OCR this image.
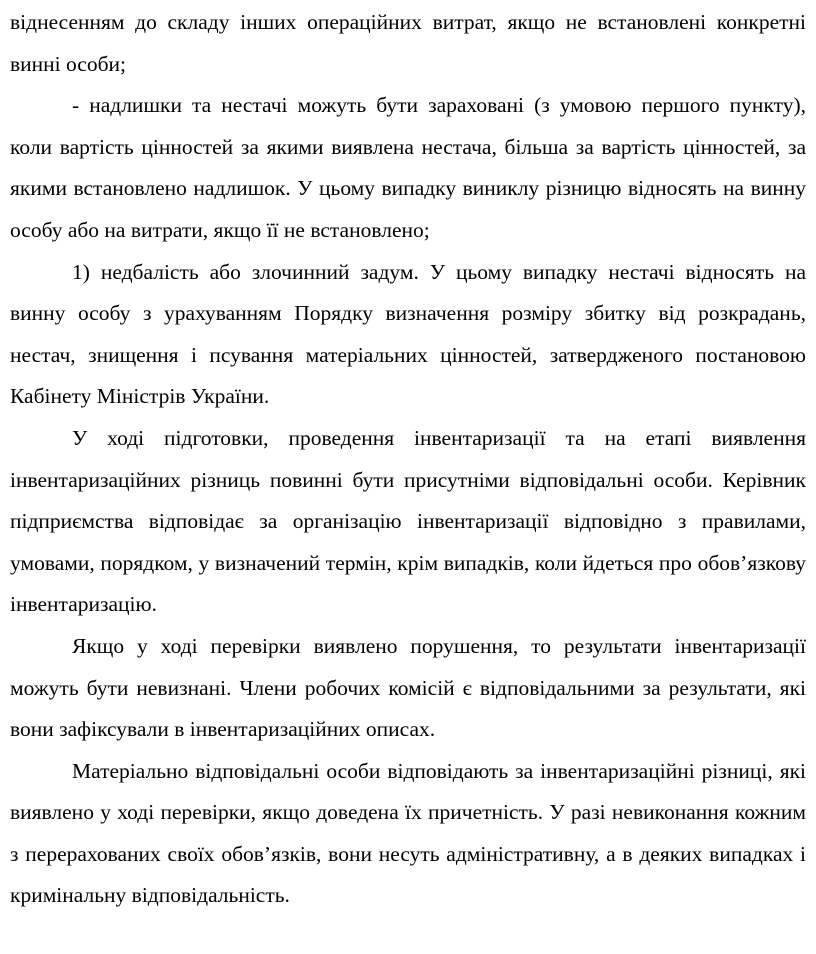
віднесенням до складу інших операційних витрат, якщо не встановлені конкретні винні особи;

- надлишки та нестачі можуть бути зараховані (з умовою першого пункту), коли вартість цінностей за якими виявлена нестача, більша за вартість цінностей, за якими встановлено надлишок. У цьому випадку виниклу різницю відносять на винну особу або на витрати, якщо її не встановлено;

1) недбалість або злочинний задум. У цьому випадку нестачі відносять на винну особу з урахуванням Порядку визначення розміру збитку від розкрадань, нестач, знищення і псування матеріальних цінностей, затвердженого постановою Кабінету Міністрів України.

У ході підготовки, проведення інвентаризації та на етапі виявлення інвентаризаційних різниць повинні бути присутніми відповідальні особи. Керівник підприємства відповідає за організацію інвентаризації відповідно з правилами, умовами, порядком, у визначений термін, крім випадків, коли йдеться про обов’язкову інвентаризацію.

Якщо у ході перевірки виявлено порушення, то результати інвентаризації можуть бути невизнані. Члени робочих комісій є відповідальними за результати, які вони зафіксували в інвентаризаційних описах.

Матеріально відповідальні особи відповідають за інвентаризаційні різниці, які виявлено у ході перевірки, якщо доведена їх причетність. У разі невиконання кожним з перерахованих своїх обов’язків, вони несуть адміністративну, а в деяких випадках і кримінальну відповідальність.
